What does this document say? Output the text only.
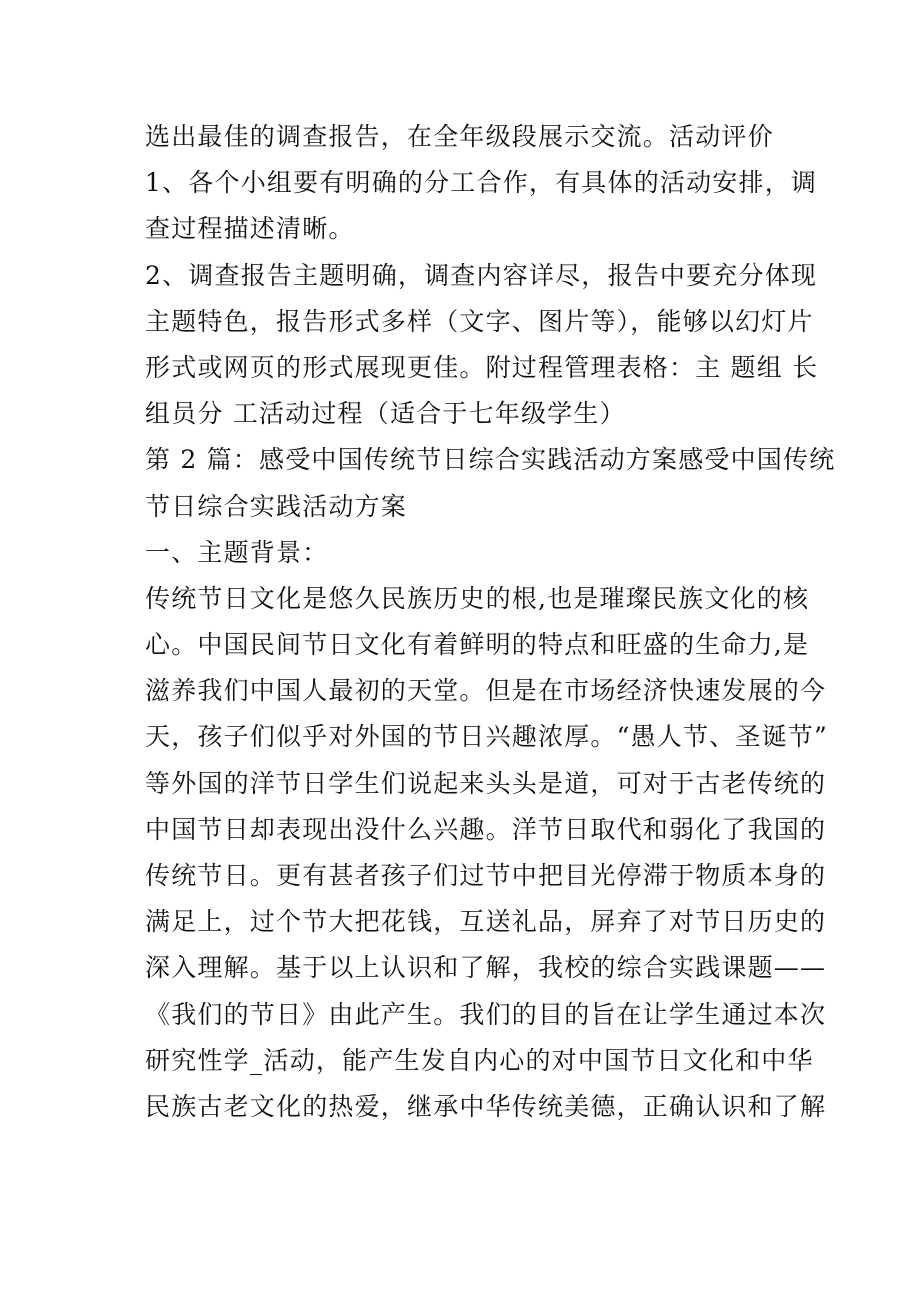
选出最佳的调查报告，在全年级段展示交流。活动评价
1、各个小组要有明确的分工合作，有具体的活动安排，调
查过程描述清晰。
2、调查报告主题明确，调查内容详尽，报告中要充分体现
主题特色，报告形式多样（文字、图片等），能够以幻灯片
形式或网页的形式展现更佳。附过程管理表格：主 题组 长
组员分 工活动过程（适合于七年级学生）
第 2 篇：感受中国传统节日综合实践活动方案感受中国传统
节日综合实践活动方案
一、主题背景：
传统节日文化是悠久民族历史的根,也是璀璨民族文化的核
心。中国民间节日文化有着鲜明的特点和旺盛的生命力,是
滋养我们中国人最初的天堂。但是在市场经济快速发展的今
天，孩子们似乎对外国的节日兴趣浓厚。“愚人节、圣诞节”
等外国的洋节日学生们说起来头头是道，可对于古老传统的
中国节日却表现出没什么兴趣。洋节日取代和弱化了我国的
传统节日。更有甚者孩子们过节中把目光停滞于物质本身的
满足上，过个节大把花钱，互送礼品，屏弃了对节日历史的
深入理解。基于以上认识和了解，我校的综合实践课题——
《我们的节日》由此产生。我们的目的旨在让学生通过本次
研究性学_活动，能产生发自内心的对中国节日文化和中华
民族古老文化的热爱，继承中华传统美德，正确认识和了解
